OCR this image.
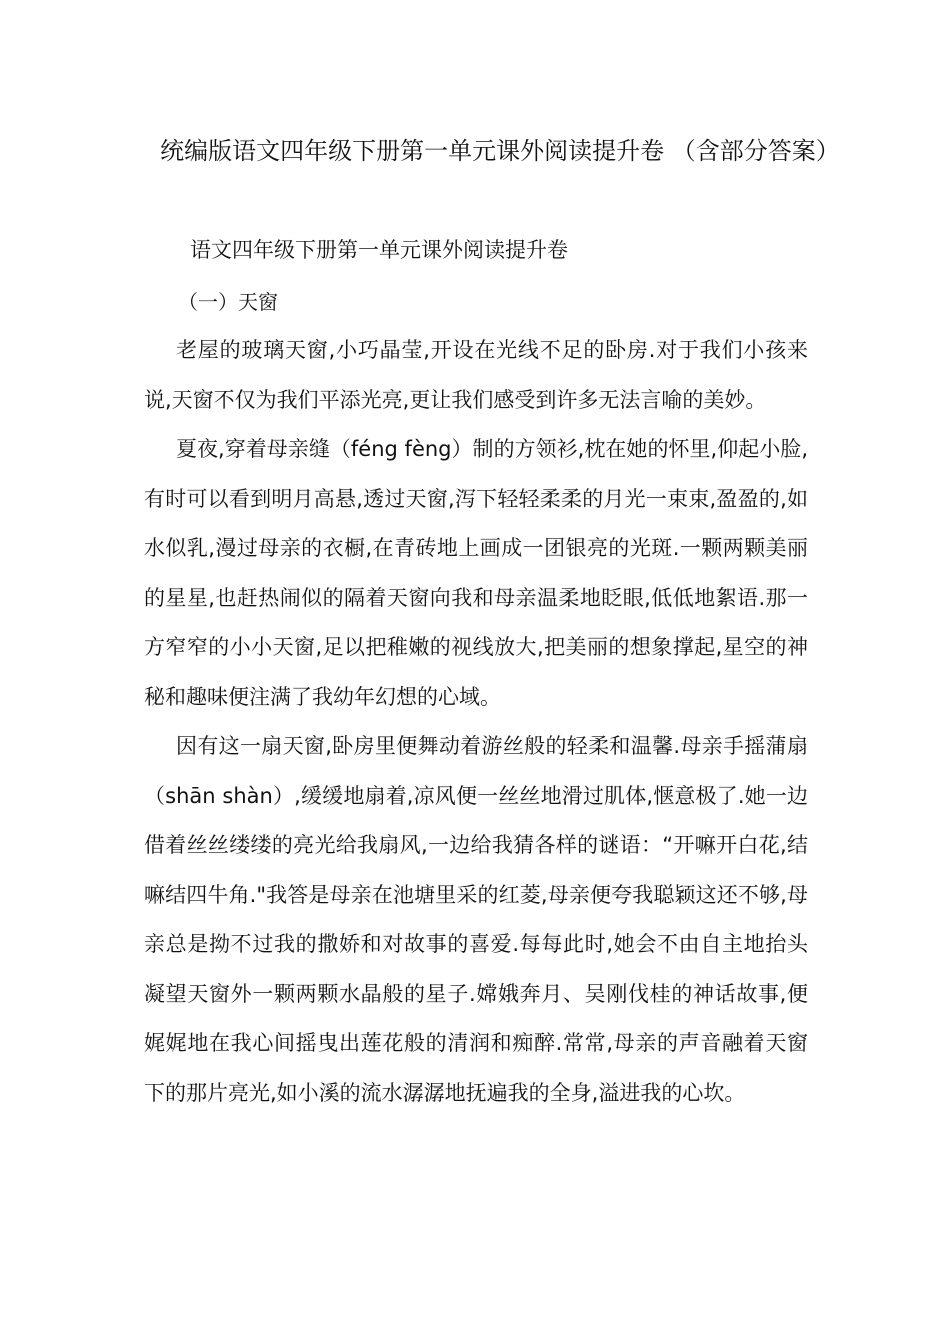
统编版语文四年级下册第一单元课外阅读提升卷 （含部分答案）

语文四年级下册第一单元课外阅读提升卷

（一）天窗

老屋的玻璃天窗,小巧晶莹,开设在光线不足的卧房.对于我们小孩来说,天窗不仅为我们平添光亮,更让我们感受到许多无法言喻的美妙。

夏夜,穿着母亲缝（féng fèng）制的方领衫,枕在她的怀里,仰起小脸,有时可以看到明月高悬,透过天窗,泻下轻轻柔柔的月光一束束,盈盈的,如水似乳,漫过母亲的衣橱,在青砖地上画成一团银亮的光斑.一颗两颗美丽的星星,也赶热闹似的隔着天窗向我和母亲温柔地眨眼,低低地絮语.那一方窄窄的小小天窗,足以把稚嫩的视线放大,把美丽的想象撑起,星空的神秘和趣味便注满了我幼年幻想的心域。

因有这一扇天窗,卧房里便舞动着游丝般的轻柔和温馨.母亲手摇蒲扇（shān shàn）,缓缓地扇着,凉风便一丝丝地滑过肌体,惬意极了.她一边借着丝丝缕缕的亮光给我扇风,一边给我猜各样的谜语：“开嘛开白花,结嘛结四牛角."我答是母亲在池塘里采的红菱,母亲便夸我聪颖这还不够,母亲总是拗不过我的撒娇和对故事的喜爱.每每此时,她会不由自主地抬头凝望天窗外一颗两颗水晶般的星子.嫦娥奔月、吴刚伐桂的神话故事,便娓娓地在我心间摇曳出莲花般的清润和痴醉.常常,母亲的声音融着天窗下的那片亮光,如小溪的流水潺潺地抚遍我的全身,溢进我的心坎。
